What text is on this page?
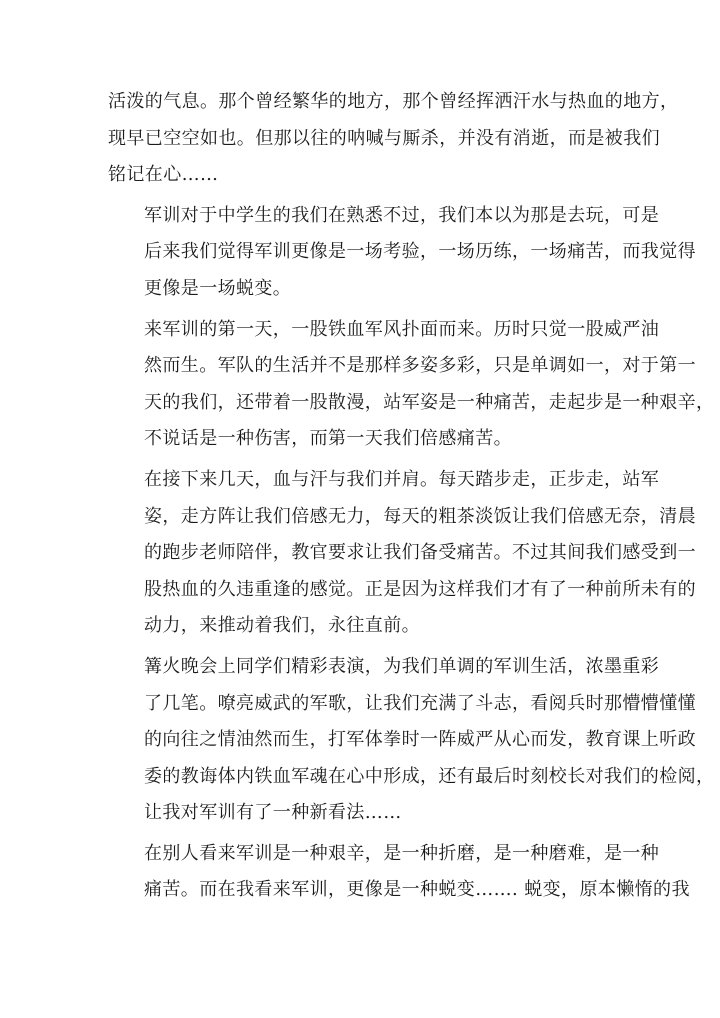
活泼的气息。那个曾经繁华的地方，那个曾经挥洒汗水与热血的地方，
现早已空空如也。但那以往的呐喊与厮杀，并没有消逝，而是被我们
铭记在心……

军训对于中学生的我们在熟悉不过，我们本以为那是去玩，可是
后来我们觉得军训更像是一场考验，一场历练，一场痛苦，而我觉得
更像是一场蜕变。

来军训的第一天，一股铁血军风扑面而来。历时只觉一股威严油
然而生。军队的生活并不是那样多姿多彩，只是单调如一，对于第一
天的我们，还带着一股散漫，站军姿是一种痛苦，走起步是一种艰辛，
不说话是一种伤害，而第一天我们倍感痛苦。

在接下来几天，血与汗与我们并肩。每天踏步走，正步走，站军
姿，走方阵让我们倍感无力，每天的粗茶淡饭让我们倍感无奈，清晨
的跑步老师陪伴，教官要求让我们备受痛苦。不过其间我们感受到一
股热血的久违重逢的感觉。正是因为这样我们才有了一种前所未有的
动力，来推动着我们，永往直前。

篝火晚会上同学们精彩表演，为我们单调的军训生活，浓墨重彩
了几笔。嘹亮威武的军歌，让我们充满了斗志，看阅兵时那懵懵懂懂
的向往之情油然而生，打军体拳时一阵威严从心而发，教育课上听政
委的教诲体内铁血军魂在心中形成，还有最后时刻校长对我们的检阅，
让我对军训有了一种新看法……

在别人看来军训是一种艰辛，是一种折磨，是一种磨难，是一种
痛苦。而在我看来军训，更像是一种蜕变……. 蜕变，原本懒惰的我
